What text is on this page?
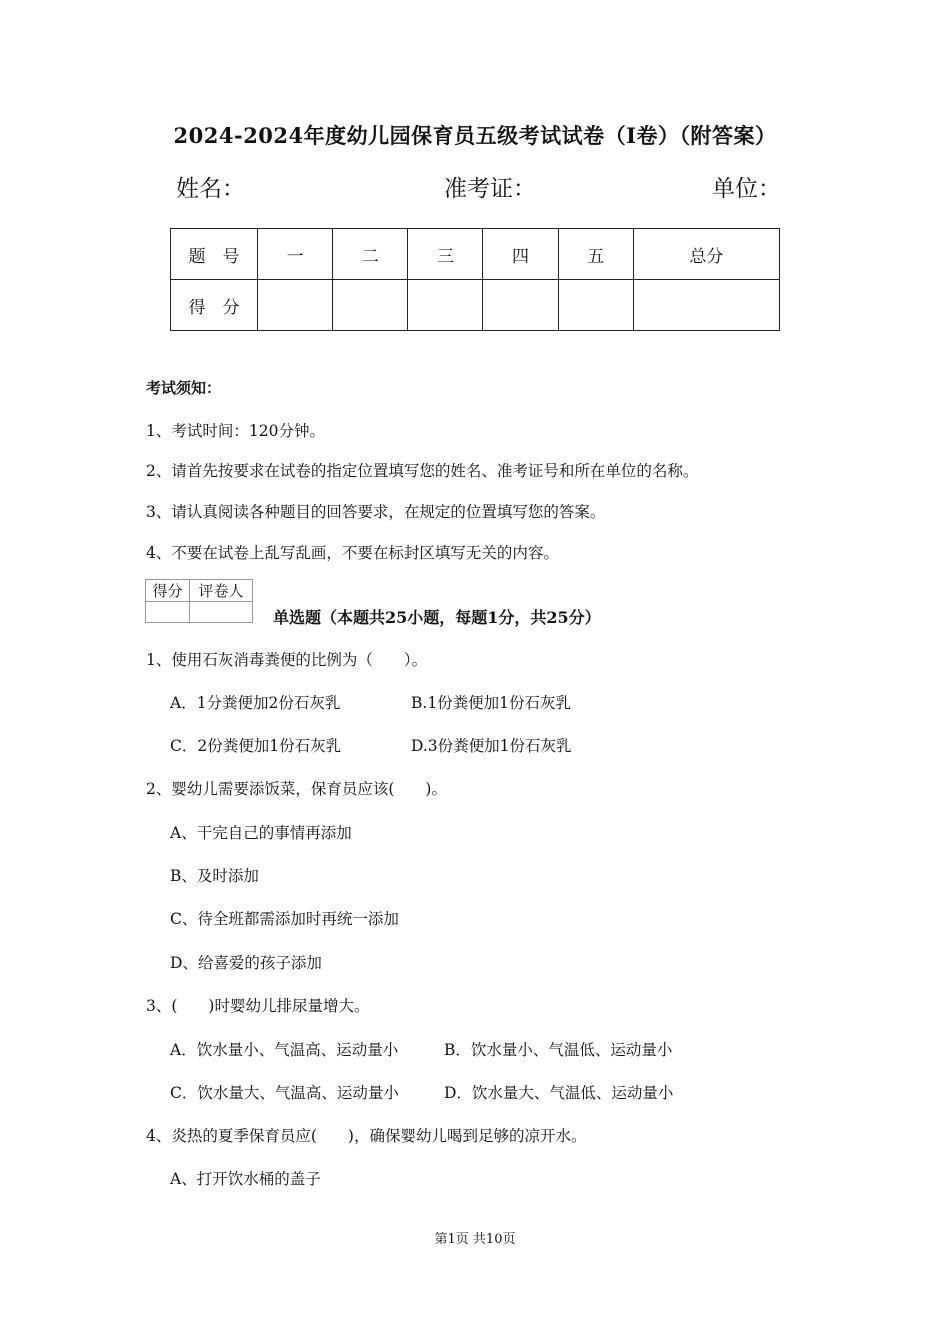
2024-2024年度幼儿园保育员五级考试试卷（I卷）（附答案）
姓名：	准考证：	单位：
题　号	一	二	三	四	五	总分
得　分						
考试须知：
1、考试时间：120分钟。
2、请首先按要求在试卷的指定位置填写您的姓名、准考证号和所在单位的名称。
3、请认真阅读各种题目的回答要求，在规定的位置填写您的答案。
4、不要在试卷上乱写乱画，不要在标封区填写无关的内容。
得分	评卷人

单选题（本题共25小题，每题1分，共25分）
1、使用石灰消毒粪便的比例为（　　）。
A．1分粪便加2份石灰乳	B.1份粪便加1份石灰乳
C．2份粪便加1份石灰乳	D.3份粪便加1份石灰乳
2、婴幼儿需要添饭菜，保育员应该(　　)。
A、干完自己的事情再添加
B、及时添加
C、待全班都需添加时再统一添加
D、给喜爱的孩子添加
3、(　　)时婴幼儿排尿量增大。
A．饮水量小、气温高、运动量小	B．饮水量小、气温低、运动量小
C．饮水量大、气温高、运动量小	D．饮水量大、气温低、运动量小
4、炎热的夏季保育员应(　　)，确保婴幼儿喝到足够的凉开水。
A、打开饮水桶的盖子
第1页 共10页
